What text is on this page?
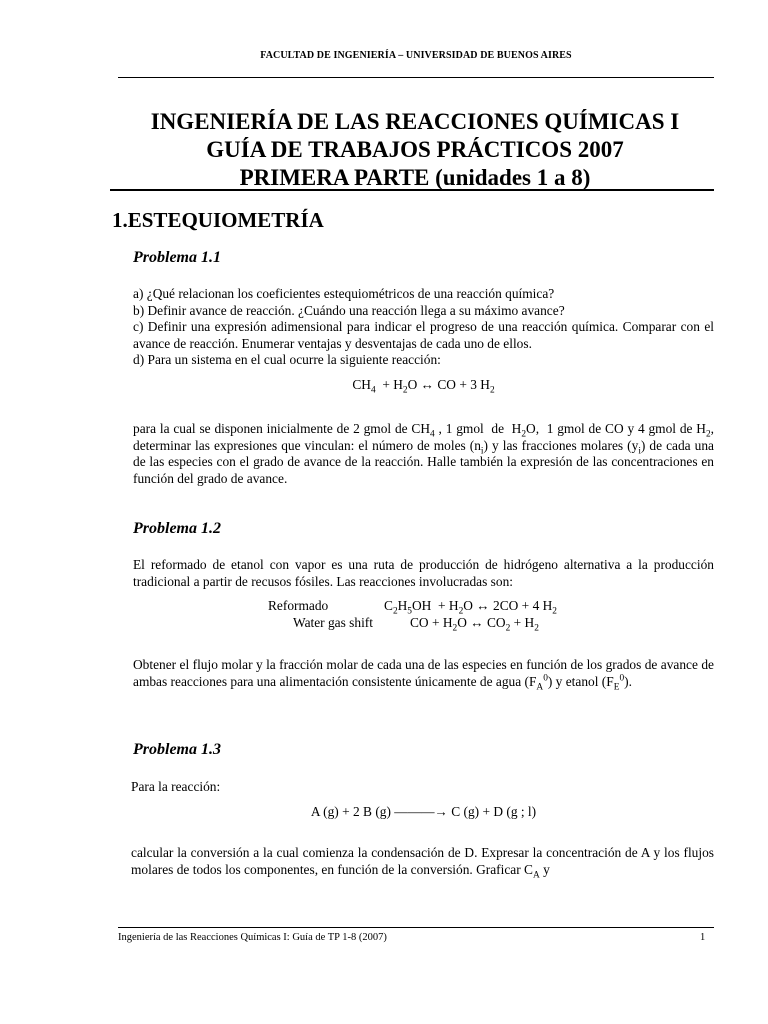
FACULTAD DE INGENIERÍA – UNIVERSIDAD DE BUENOS AIRES
INGENIERÍA DE LAS REACCIONES QUÍMICAS I
GUÍA DE TRABAJOS PRÁCTICOS 2007
PRIMERA PARTE (unidades 1 a 8)
1.ESTEQUIOMETRÍA
Problema 1.1
a) ¿Qué relacionan los coeficientes estequiométricos de una reacción química?
b) Definir avance de reacción. ¿Cuándo una reacción llega a su máximo avance?
c) Definir una expresión adimensional para indicar el progreso de una reacción química. Comparar con el avance de reacción. Enumerar ventajas y desventajas de cada uno de ellos.
d) Para un sistema en el cual ocurre la siguiente reacción:
$CH_4 + H_2O$ ↔ CO + 3 $H_2$
para la cual se disponen inicialmente de 2 gmol de $CH_4$ , 1 gmol  de  $H_2O$,  1 gmol de CO y 4 gmol de $H_2$, determinar las expresiones que vinculan: el número de moles $(n_i)$ y las fracciones molares $(y_i)$ de cada una de las especies con el grado de avance de la reacción. Halle también la expresión de las concentraciones en función del grado de avance.
Problema 1.2
El reformado de etanol con vapor es una ruta de producción de hidrógeno alternativa a la producción tradicional a partir de recusos fósiles. Las reacciones involucradas son:
Reformado	$C_2H_5OH + H_2O$ ↔ 2CO + 4 $H_2$
Water gas shift	CO + $H_2O$ ↔ $CO_2 + H_2$
Obtener el flujo molar y la fracción molar de cada una de las especies en función de los grados de avance de ambas reacciones para una alimentación consistente únicamente de agua $(F_A^0)$ y etanol $(F_E^0)$.
Problema 1.3
Para la reacción:
A (g) + 2 B (g) ———→ C (g) + D (g ; l)
calcular la conversión a la cual comienza la condensación de D. Expresar la concentración de A y los flujos molares de todos los componentes, en función de la conversión. Graficar $C_A$ y
Ingeniería de las Reacciones Químicas I: Guía de TP 1-8 (2007)	1
